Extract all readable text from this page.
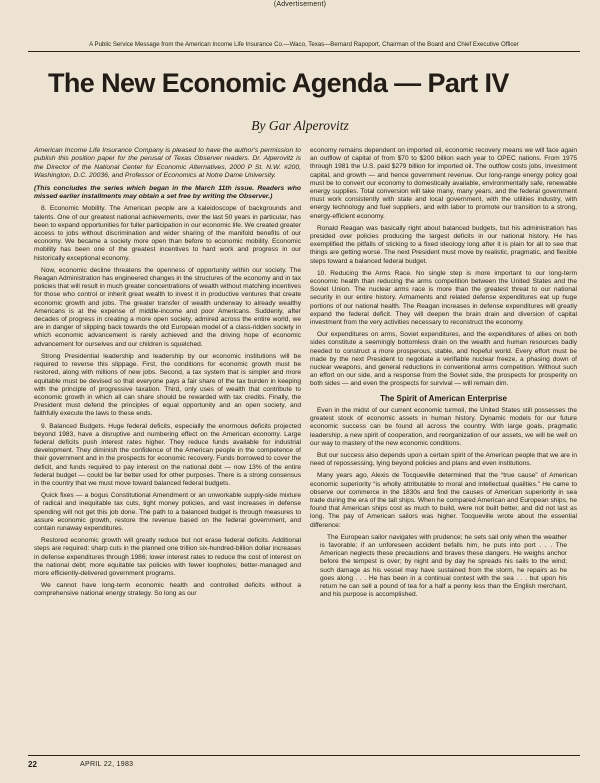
(Advertisement)
A Public Service Message from the American Income Life Insurance Co.—Waco, Texas—Bernard Rapoport, Chairman of the Board and Chief Executive Officer
The New Economic Agenda — Part IV
By Gar Alperovitz

American Income Life Insurance Company is pleased to have the author's permission to publish this position paper for the perusal of Texas Observer readers. Dr. Alperovitz is the Director of the National Center for Economic Alternatives, 2000 P St. N.W. #200, Washington, D.C. 20036, and Professor of Economics at Notre Dame University.

(This concludes the series which began in the March 11th issue. Readers who missed earlier installments may obtain a set free by writing the Observer.)

8. Economic Mobility. The American people are a kaleidoscope of backgrounds and talents. One of our greatest national achievements, over the last 50 years in particular, has been to expand opportunities for fuller participation in our economic life. We created greater access to jobs without discrimination and wider sharing of the manifold benefits of our economy. We became a society more open than before to economic mobility. Economic mobility has been one of the greatest incentives to hard work and progress in our historically exceptional economy.

Now, economic decline threatens the openness of opportunity within our society. The Reagan Administration has engineered changes in the structures of the economy and in tax policies that will result in much greater concentrations of wealth without matching incentives for those who control or inherit great wealth to invest it in productive ventures that create economic growth and jobs. The greater transfer of wealth underway to already wealthy Americans is at the expense of middle-income and poor Americans. Suddenly, after decades of progress in creating a more open society, admired across the entire world, we are in danger of slipping back towards the old European model of a class-ridden society in which economic advancement is rarely achieved and the driving hope of economic advancement for ourselves and our children is squelched.

Strong Presidential leadership and leadership by our economic institutions will be required to reverse this slippage. First, the conditions for economic growth must be restored, along with millions of new jobs. Second, a tax system that is simpler and more equitable must be devised so that everyone pays a fair share of the tax burden in keeping with the principle of progressive taxation. Third, only uses of wealth that contribute to economic growth in which all can share should be rewarded with tax credits. Finally, the President must defend the principles of equal opportunity and an open society, and faithfully execute the laws to these ends.

9. Balanced Budgets. Huge federal deficits, especially the enormous deficits projected beyond 1983, have a disruptive and numbering effect on the American economy. Large federal deficits push interest rates higher. They reduce funds available for industrial development. They diminish the confidence of the American people in the competence of their government and in the prospects for economic recovery. Funds borrowed to cover the deficit, and funds required to pay interest on the national debt — now 13% of the entire federal budget — could be far better used for other purposes. There is a strong consensus in the country that we must move toward balanced federal budgets.

Quick fixes — a bogus Constitutional Amendment or an unworkable supply-side mixture of radical and inequitable tax cuts, tight money policies, and vast increases in defense spending will not get this job done. The path to a balanced budget is through measures to assure economic growth, restore the revenue based on the federal government, and contain runaway expenditures.

Restored economic growth will greatly reduce but not erase federal deficits. Additional steps are required: sharp cuts in the planned one trillion six-hundred-billion dollar increases in defense expenditures through 1986; lower interest rates to reduce the cost of interest on the national debt; more equitable tax policies with fewer loopholes; better-managed and more efficiently-delivered government programs.

We cannot have long-term economic health and controlled deficits without a comprehensive national energy strategy. So long as our

economy remains dependent on imported oil, economic recovery means we will face again an outflow of capital of from $70 to $200 billion each year to OPEC nations. From 1975 through 1981 the U.S. paid $279 billion for imported oil. The outflow costs jobs, investment capital, and growth — and hence government revenue. Our long-range energy policy goal must be to convert our economy to domestically available, environmentally safe, renewable energy supplies. Total conversion will take many, many years, and the federal government must work consistently with state and local government, with the utilities industry, with energy technology and fuel suppliers, and with labor to promote our transition to a strong, energy-efficient economy.

Ronald Reagan was basically right about balanced budgets, but his administration has presided over policies producing the largest deficits in our national history. He has exemplified the pitfalls of sticking to a fixed ideology long after it is plain for all to see that things are getting worse. The next President must move by realistic, pragmatic, and flexible steps toward a balanced federal budget.

10. Reducing the Arms Race. No single step is more important to our long-term economic health than reducing the arms competition between the United States and the Soviet Union. The nuclear arms race is more than the greatest threat to our national security in our entire history. Armaments and related defense expenditures eat up huge portions of our national health. The Reagan increases in defense expenditures will greatly expand the federal deficit. They will deepen the brain drain and diversion of capital investment from the very activities necessary to reconstruct the economy.

Our expenditures on arms, Soviet expenditures, and the expenditures of allies on both sides constitute a seemingly bottomless drain on the wealth and human resources badly needed to construct a more prosperous, stable, and hopeful world. Every effort must be made by the next President to negotiate a verifiable nuclear freeze, a phasing down of nuclear weapons, and general reductions in conventional arms competition. Without such an effort on our side, and a response from the Soviet side, the prospects for prosperity on both sides — and even the prospects for survival — will remain dim.

The Spirit of American Enterprise

Even in the midst of our current economic turmoil, the United States still possesses the greatest stock of economic assets in human history. Dynamic models for our future economic success can be found all across the country. With large goals, pragmatic leadership, a new spirit of cooperation, and reorganization of our assets, we will be well on our way to mastery of the new economic conditions.

But our success also depends upon a certain spirit of the American people that we are in need of repossessing, lying beyond policies and plans and even institutions.

Many years ago, Alexis de Tocqueville determined that the “true cause” of American economic superiority “is wholly attributable to moral and intellectual qualities.” He came to observe our commerce in the 1830s and find the causes of American superiority in sea trade during the era of the tall ships. When he compared American and European ships, he found that American ships cost as much to build, were not built better, and did not last as long. The pay of American sailors was higher. Tocqueville wrote about the essential difference:

The European sailor navigates with prudence; he sets sail only when the weather is favorable; if an unforeseen accident befalls him, he puts into port . . . The American neglects these precautions and braves these dangers. He weighs anchor before the tempest is over; by night and by day he spreads his sails to the wind; such damage as his vessel may have sustained from the storm, he repairs as he goes along . . . He has been in a continual contest with the sea . . . but upon his return he can sell a pound of tea for a half a penny less than the English merchant, and his purpose is accomplished.

22	APRIL 22, 1983
